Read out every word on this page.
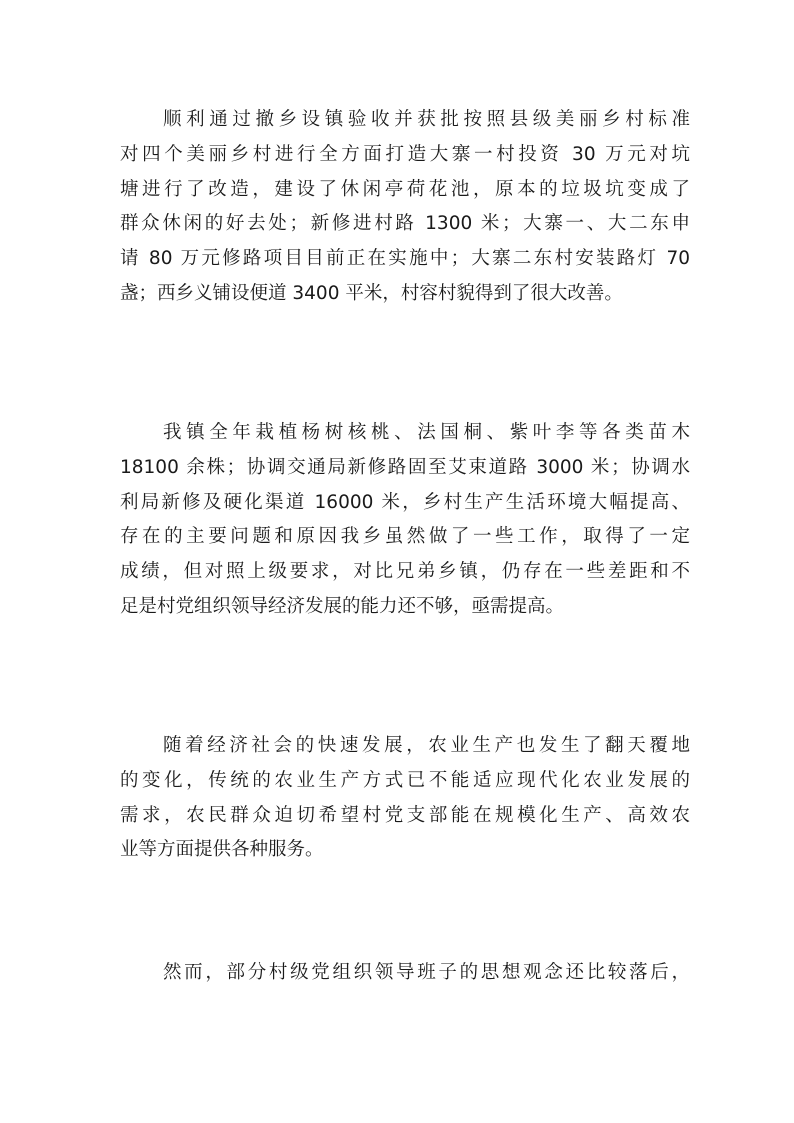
顺利通过撤乡设镇验收并获批按照县级美丽乡村标准
对四个美丽乡村进行全方面打造大寨一村投资 30 万元对坑
塘进行了改造，建设了休闲亭荷花池，原本的垃圾坑变成了
群众休闲的好去处；新修进村路 1300 米；大寨一、大二东申
请 80 万元修路项目目前正在实施中；大寨二东村安装路灯 70
盏；西乡义铺设便道 3400 平米，村容村貌得到了很大改善。
我镇全年栽植杨树核桃、法国桐、紫叶李等各类苗木
18100 余株；协调交通局新修路固至艾束道路 3000 米；协调水
利局新修及硬化渠道 16000 米，乡村生产生活环境大幅提高、
存在的主要问题和原因我乡虽然做了一些工作，取得了一定
成绩，但对照上级要求，对比兄弟乡镇，仍存在一些差距和不
足是村党组织领导经济发展的能力还不够，亟需提高。
随着经济社会的快速发展，农业生产也发生了翻天覆地
的变化，传统的农业生产方式已不能适应现代化农业发展的
需求，农民群众迫切希望村党支部能在规模化生产、高效农
业等方面提供各种服务。
然而，部分村级党组织领导班子的思想观念还比较落后，
